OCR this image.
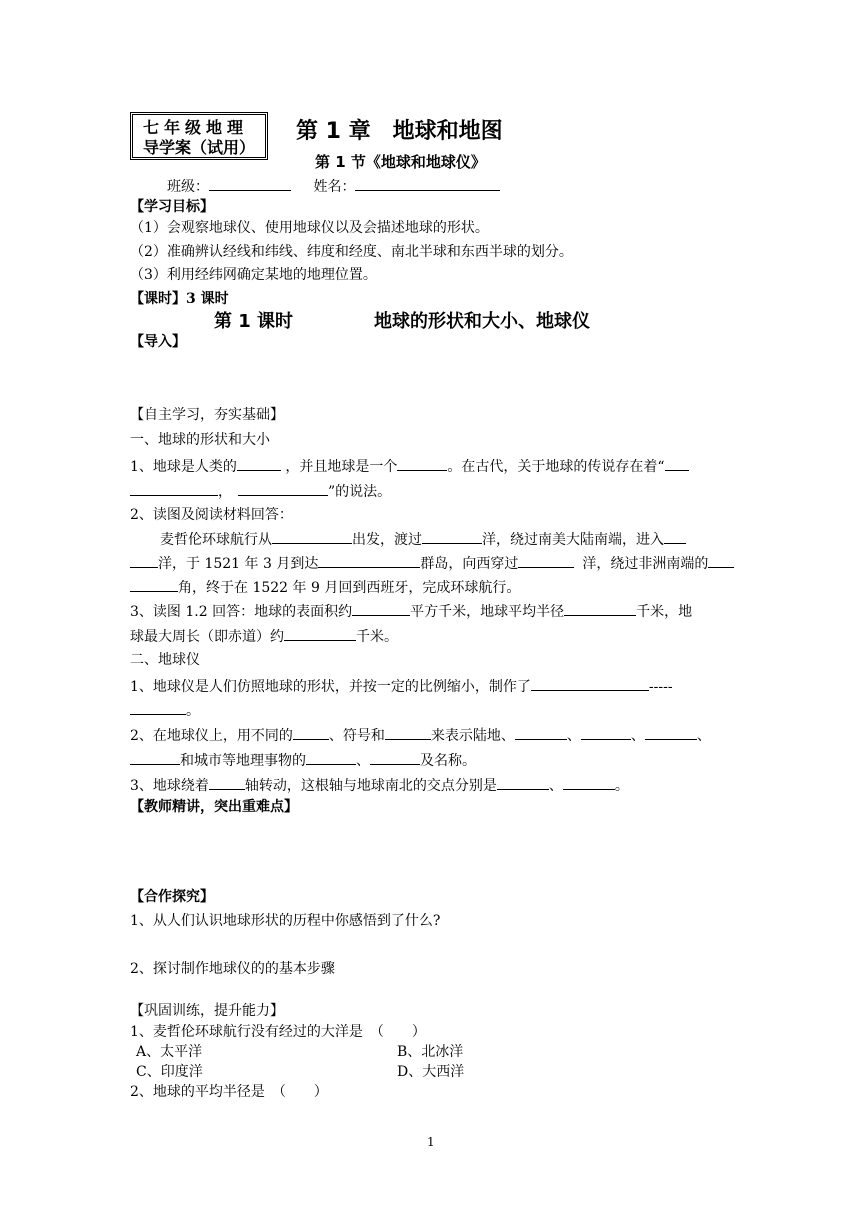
七年级地理
导学案（试用）
第 1 章　地球和地图
第 1 节《地球和地球仪》
班级：	姓名：
【学习目标】
（1）会观察地球仪、使用地球仪以及会描述地球的形状。
（2）准确辨认经线和纬线、纬度和经度、南北半球和东西半球的划分。
（3）利用经纬网确定某地的地理位置。
【课时】3 课时
第 1 课时	地球的形状和大小、地球仪
【导入】
【自主学习，夯实基础】
一、地球的形状和大小
1、地球是人类的	，并且地球是一个	。在古代，关于地球的传说存在着“
，	”的说法。
2、读图及阅读材料回答：
麦哲伦环球航行从	出发，渡过	洋，绕过南美大陆南端，进入
洋，于 1521 年 3 月到达	群岛，向西穿过	洋，绕过非洲南端的
角，终于在 1522 年 9 月回到西班牙，完成环球航行。
3、读图 1.2 回答：地球的表面积约	平方千米，地球平均半径	千米，地
球最大周长（即赤道）约	千米。
二、地球仪
1、地球仪是人们仿照地球的形状，并按一定的比例缩小，制作了	-----
。
2、在地球仪上，用不同的	、符号和	来表示陆地、	、	、	、
和城市等地理事物的	、	及名称。
3、地球绕着	轴转动，这根轴与地球南北的交点分别是	、	。
【教师精讲，突出重难点】
【合作探究】
1、从人们认识地球形状的历程中你感悟到了什么?
2、探讨制作地球仪的的基本步骤
【巩固训练，提升能力】
1、麦哲伦环球航行没有经过的大洋是　（　　）
A、太平洋	B、北冰洋
C、印度洋	D、大西洋
2、地球的平均半径是　（　　）
1
